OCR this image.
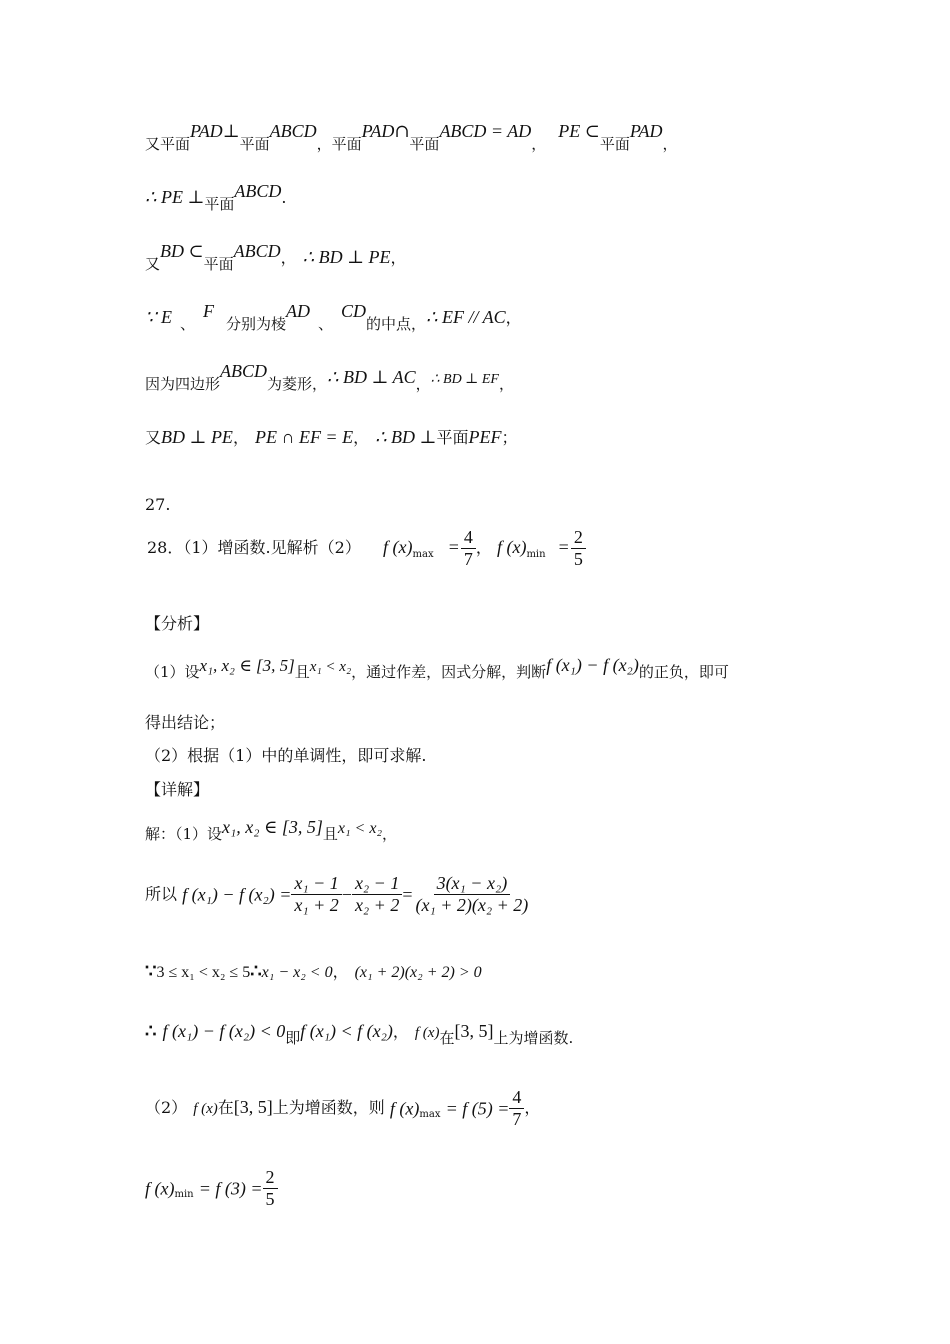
又平面PAD⊥平面ABCD，平面PAD∩平面ABCD = AD，PE ⊂平面PAD，
∴ PE ⊥平面ABCD.
又BD ⊂平面ABCD， ∴ BD ⊥ PE，
∵ E 、F分别为棱AD、CD的中点，∴ EF // AC，
因为四边形ABCD为菱形，∴ BD ⊥ AC，∴ BD ⊥ EF，
又BD ⊥ PE， PE ∩ EF = E， ∴ BD ⊥平面PEF；
27.
28．（1）增函数.见解析（2） f $(x)_{max} = \frac{4}{7}$ ， f $(x)_{min} = \frac{2}{5}$
【分析】
（1）设x₁, x₂ ∈ [3, 5]且x₁ < x₂，通过作差，因式分解，判断f (x₁) − f (x₂)的正负，即可
得出结论；
（2）根据（1）中的单调性，即可求解.
【详解】
解：（1）设x₁, x₂ ∈ [3, 5]且x₁ < x₂，
所以 f (x₁) − f $(x_2) = \frac{\text{x₁ − 1}}{\text{x₁ + 2}} - \frac{\text{x₂ − 1}}{\text{x₂ + 2}} = \frac{\text{3(x₁ − x₂)}}{\text{(x₁ + 2)(x₂ + 2)}}$
∵3 ≤ x₁ < x₂ ≤ 5∴x₁ − x₂ < 0， (x₁ + 2)(x₂ + 2) > 0
∴ f (x₁) − f (x₂) < 0即f (x₁) < f (x₂)， f (x)在[3, 5]上为增函数.
（2） f (x)在[3, 5]上为增函数，则 f $(x)_{max} = f$ $(5) = \frac{4}{7}$ ，
f $(x)_{min} = f$ $(3) = \frac{2}{5}$
